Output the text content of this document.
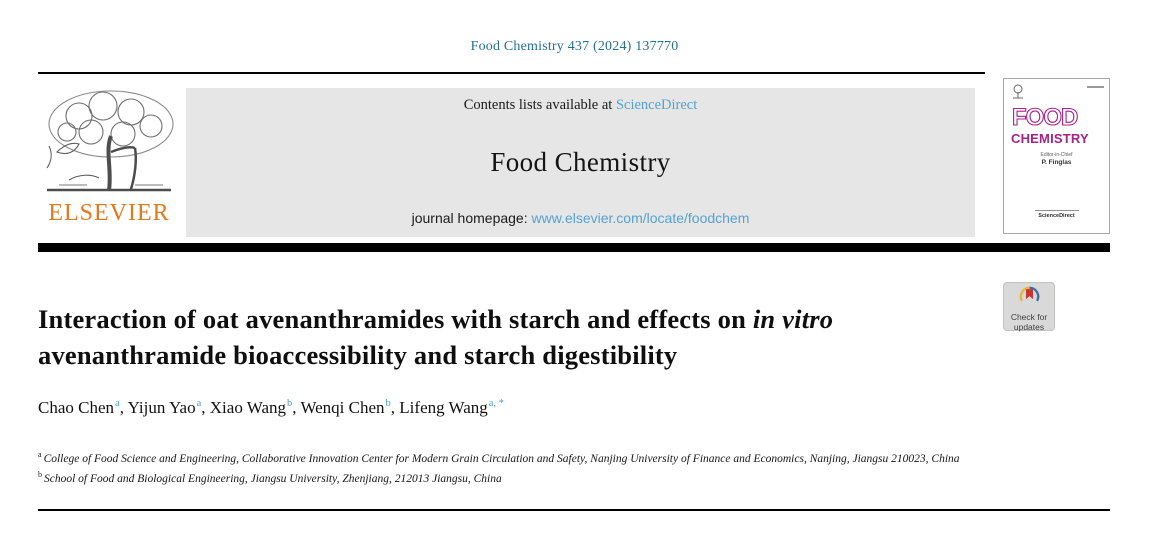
Food Chemistry 437 (2024) 137770
ELSEVIER
Contents lists available at ScienceDirect
Food Chemistry
journal homepage: www.elsevier.com/locate/foodchem
FOOD
CHEMISTRY
Editor-in-Chief
P. Finglas
ScienceDirect
Interaction of oat avenanthramides with starch and effects on in vitro avenanthramide bioaccessibility and starch digestibility
Check for
updates
Chao Chen$^a$, Yijun Yao$^a$, Xiao Wang$^b$, Wenqi Chen$^b$, Lifeng Wang$^{a, *}$
$^a$ College of Food Science and Engineering, Collaborative Innovation Center for Modern Grain Circulation and Safety, Nanjing University of Finance and Economics, Nanjing, Jiangsu 210023, China
$^b$ School of Food and Biological Engineering, Jiangsu University, Zhenjiang, 212013 Jiangsu, China
